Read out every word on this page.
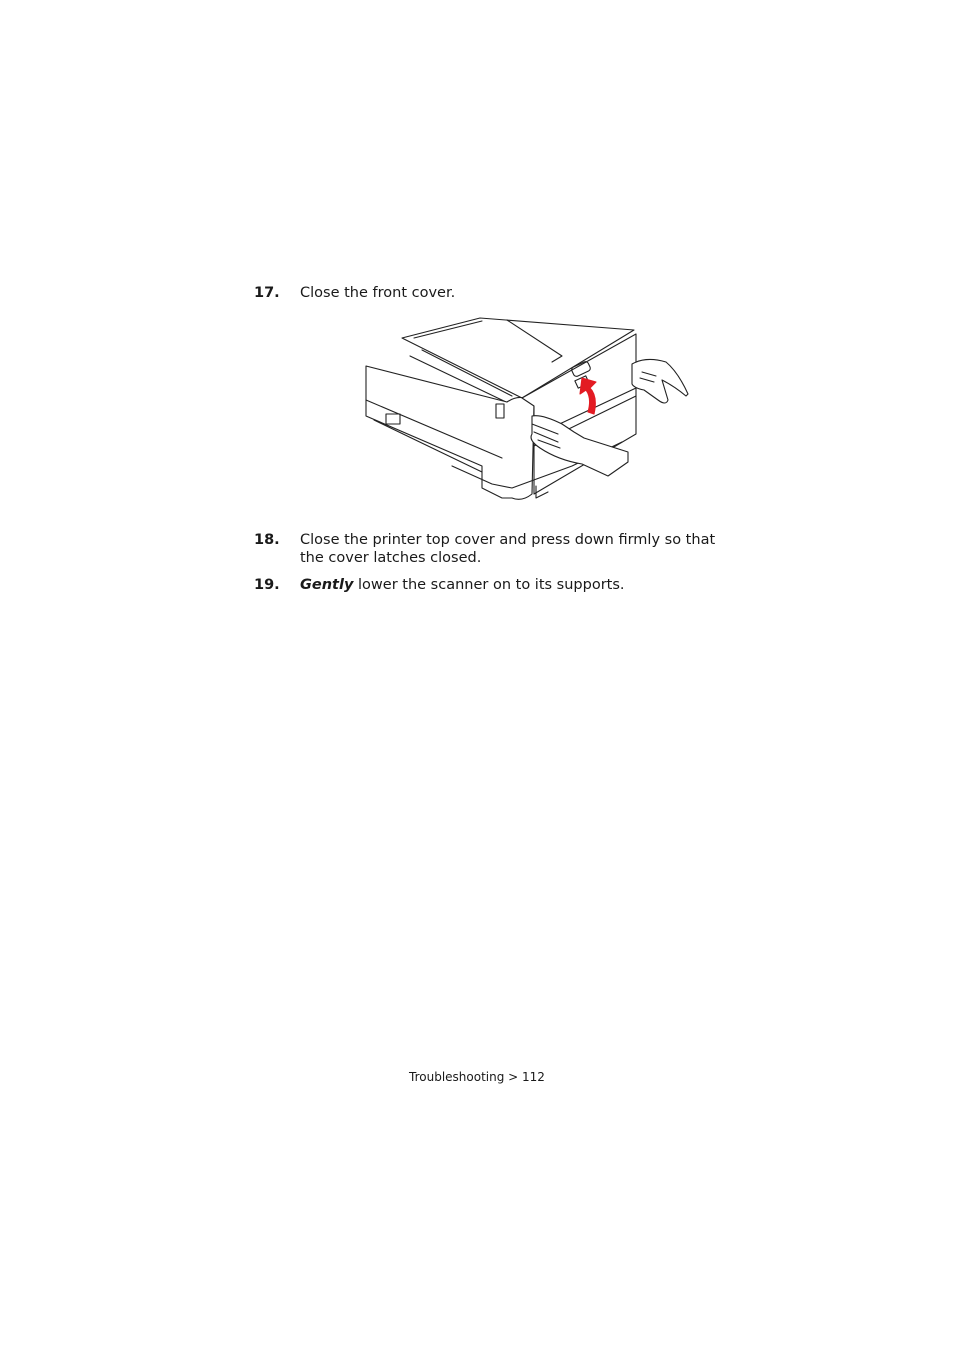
17. Close the front cover.
18. Close the printer top cover and press down firmly so that the cover latches closed.
19. Gently lower the scanner on to its supports.
Troubleshooting > 112
